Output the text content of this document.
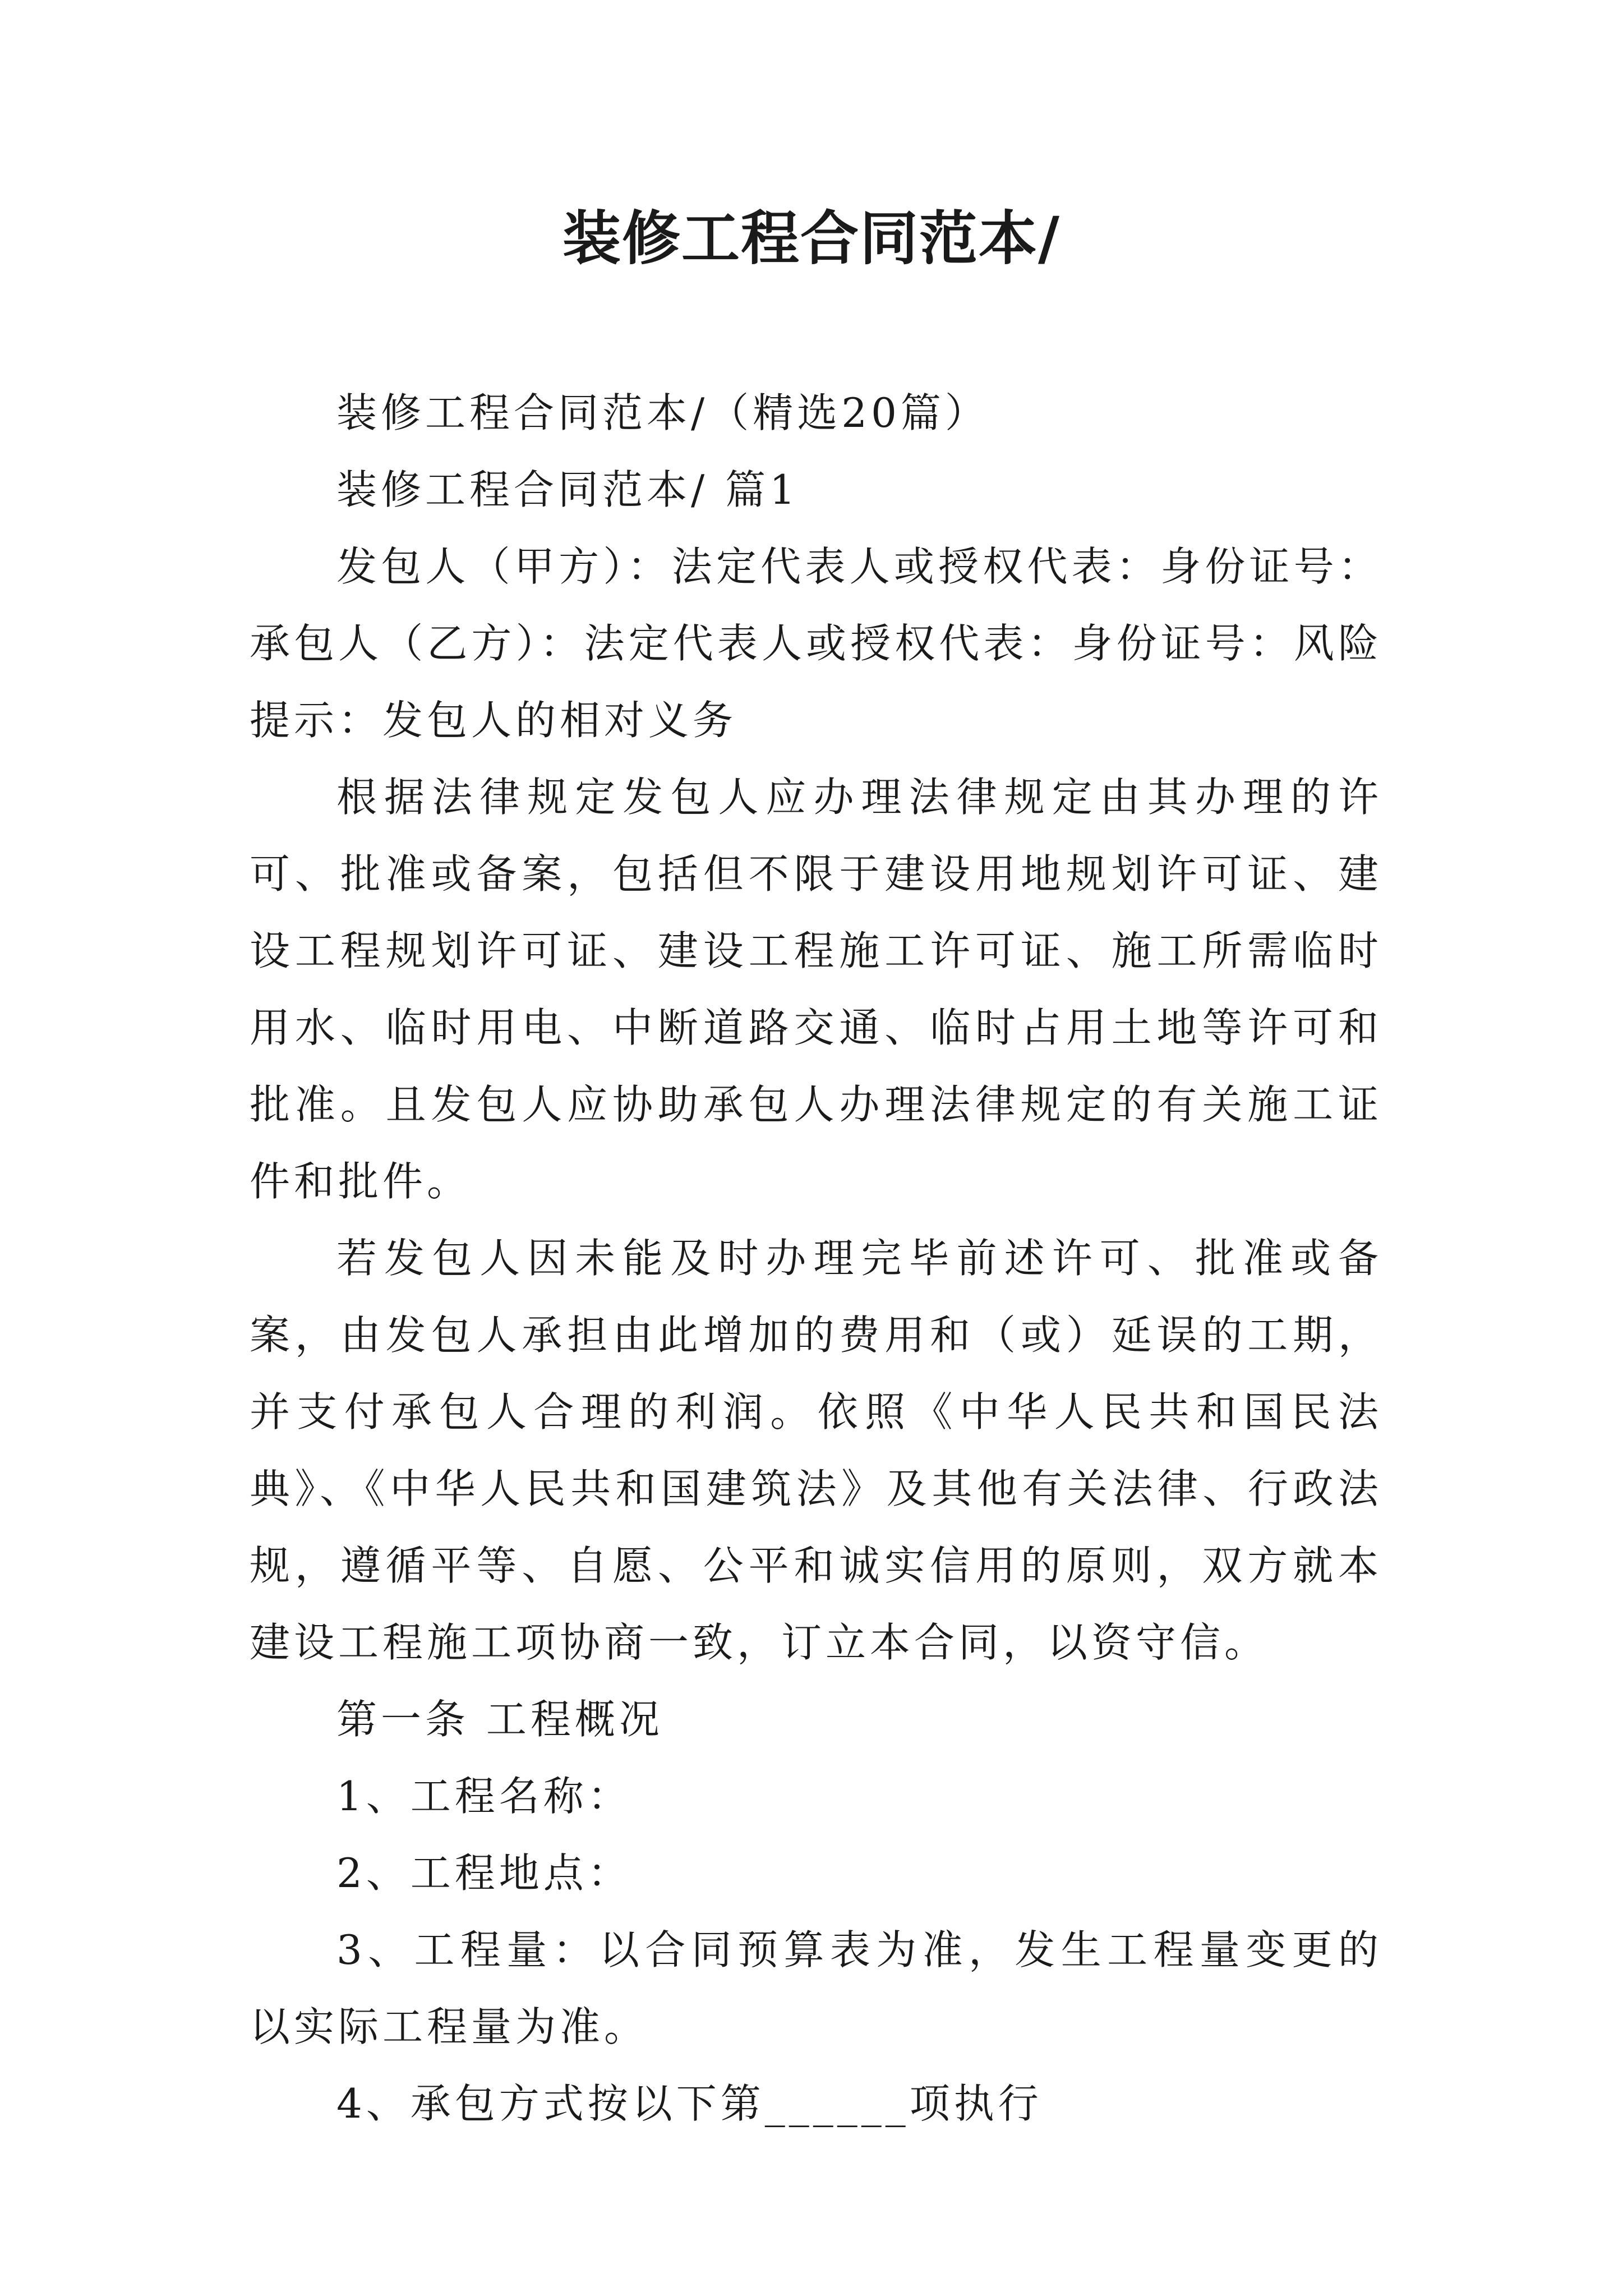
装修工程合同范本/

装修工程合同范本/（精选20篇）

装修工程合同范本/ 篇1

发包人（甲方）：法定代表人或授权代表：身份证号：承包人（乙方）：法定代表人或授权代表：身份证号：风险提示：发包人的相对义务

根据法律规定发包人应办理法律规定由其办理的许可、批准或备案，包括但不限于建设用地规划许可证、建设工程规划许可证、建设工程施工许可证、施工所需临时用水、临时用电、中断道路交通、临时占用土地等许可和批准。且发包人应协助承包人办理法律规定的有关施工证件和批件。

若发包人因未能及时办理完毕前述许可、批准或备案，由发包人承担由此增加的费用和（或）延误的工期，并支付承包人合理的利润。依照《中华人民共和国民法典》、《中华人民共和国建筑法》及其他有关法律、行政法规，遵循平等、自愿、公平和诚实信用的原则，双方就本建设工程施工项协商一致，订立本合同，以资守信。

第一条 工程概况

1、工程名称：

2、工程地点：

3、工程量：以合同预算表为准，发生工程量变更的以实际工程量为准。

4、承包方式按以下第______项执行
